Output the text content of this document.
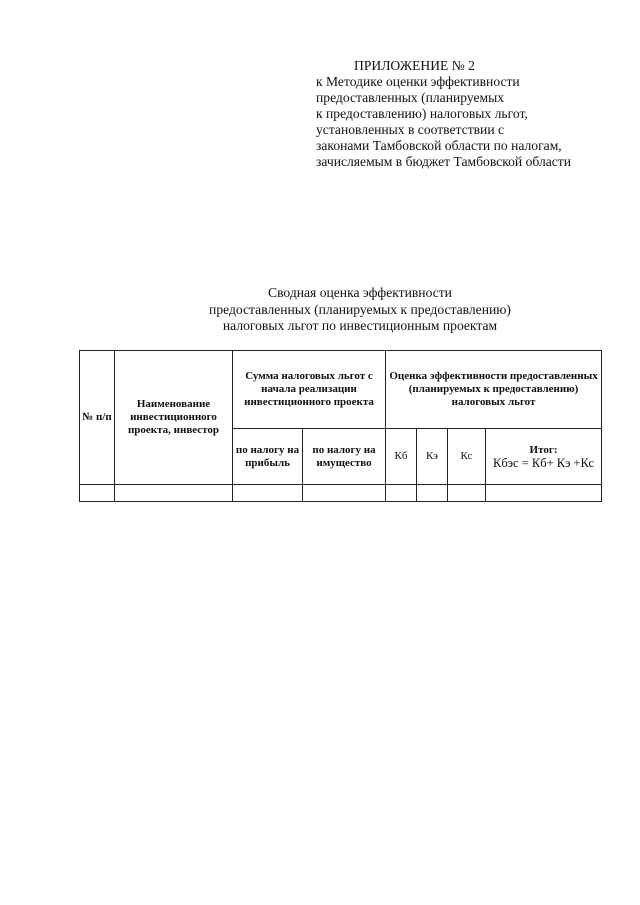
ПРИЛОЖЕНИЕ № 2
к Методике оценки эффективности
предоставленных (планируемых
к предоставлению) налоговых льгот,
установленных в соответствии с
законами Тамбовской области по налогам,
зачисляемым в бюджет Тамбовской области
Сводная оценка эффективности
предоставленных (планируемых к предоставлению)
налоговых льгот по инвестиционным проектам
№ п/п	Наименование инвестиционного проекта, инвестор	Сумма налоговых льгот с начала реализации инвестиционного проекта		Оценка эффективности предоставленных (планируемых к предоставлению) налоговых льгот			
		по налогу на прибыль	по налогу на имущество	Кб	Кэ	Кс	Итог:
Кбэс = Кб+ Кэ +Кс
